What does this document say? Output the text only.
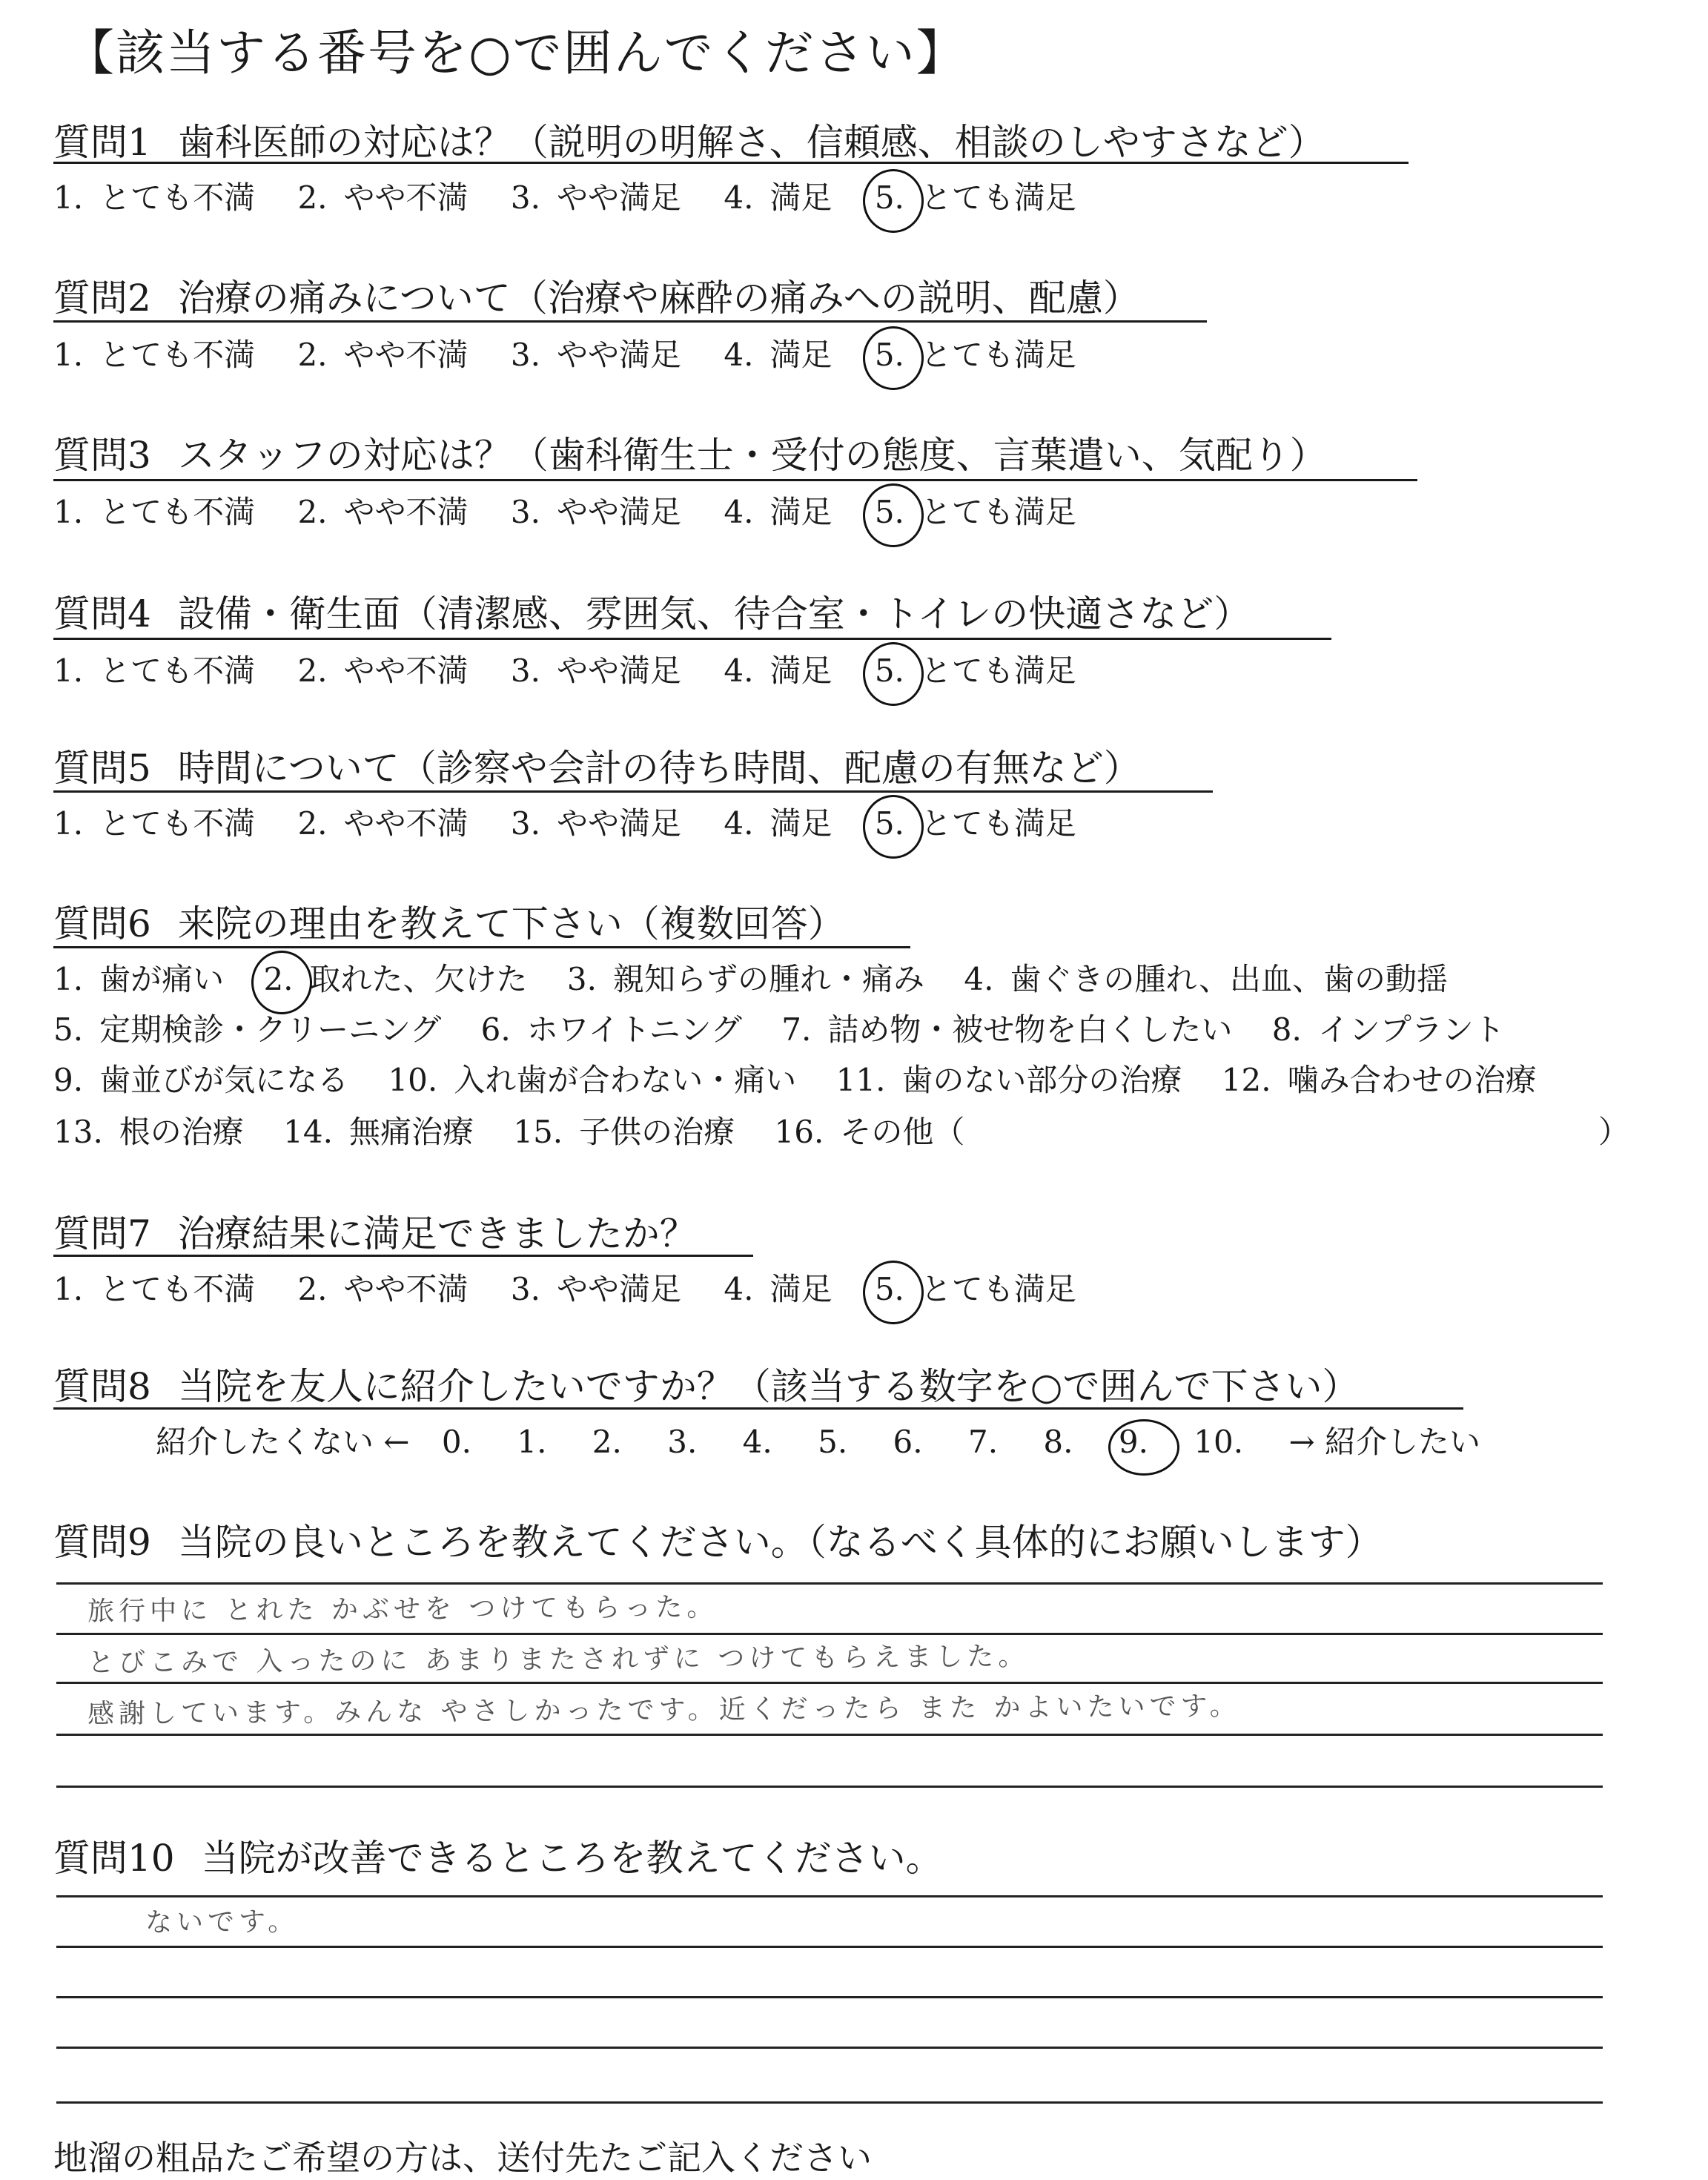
【該当する番号を○で囲んでください】
質問1 歯科医師の対応は？（説明の明解さ、信頼感、相談のしやすさなど）
1. とても不満 2. やや不満 3. やや満足 4. 満足 5. とても満足
質問2 治療の痛みについて（治療や麻酔の痛みへの説明、配慮）
1. とても不満 2. やや不満 3. やや満足 4. 満足 5. とても満足
質問3 スタッフの対応は？（歯科衛生士・受付の態度、言葉遣い、気配り）
1. とても不満 2. やや不満 3. やや満足 4. 満足 5. とても満足
質問4 設備・衛生面（清潔感、雰囲気、待合室・トイレの快適さなど）
1. とても不満 2. やや不満 3. やや満足 4. 満足 5. とても満足
質問5 時間について（診察や会計の待ち時間、配慮の有無など）
1. とても不満 2. やや不満 3. やや満足 4. 満足 5. とても満足
質問6 来院の理由を教えて下さい（複数回答）
1. 歯が痛い 2. 取れた、欠けた 3. 親知らずの腫れ・痛み 4. 歯ぐきの腫れ、出血、歯の動揺
5. 定期検診・クリーニング 6. ホワイトニング 7. 詰め物・被せ物を白くしたい 8. インプラント
9. 歯並びが気になる 10. 入れ歯が合わない・痛い 11. 歯のない部分の治療 12. 噛み合わせの治療
13. 根の治療 14. 無痛治療 15. 子供の治療 16. その他（	）
質問7 治療結果に満足できましたか？
1. とても不満 2. やや不満 3. やや満足 4. 満足 5. とても満足
質問8 当院を友人に紹介したいですか？（該当する数字を○で囲んで下さい）
紹介したくない ← 0. 1. 2. 3. 4. 5. 6. 7. 8. 9. 10. → 紹介したい
質問9 当院の良いところを教えてください。（なるべく具体的にお願いします）
旅行中に とれた かぶせを つけてもらった。
とびこみで 入ったのに あまりまたされずに つけてもらえました。
感謝しています。みんな やさしかったです。近くだったら また かよいたいです。
質問10 当院が改善できるところを教えてください。
ないです。
地溜の粗品たご希望の方は、送付先たご記入ください
